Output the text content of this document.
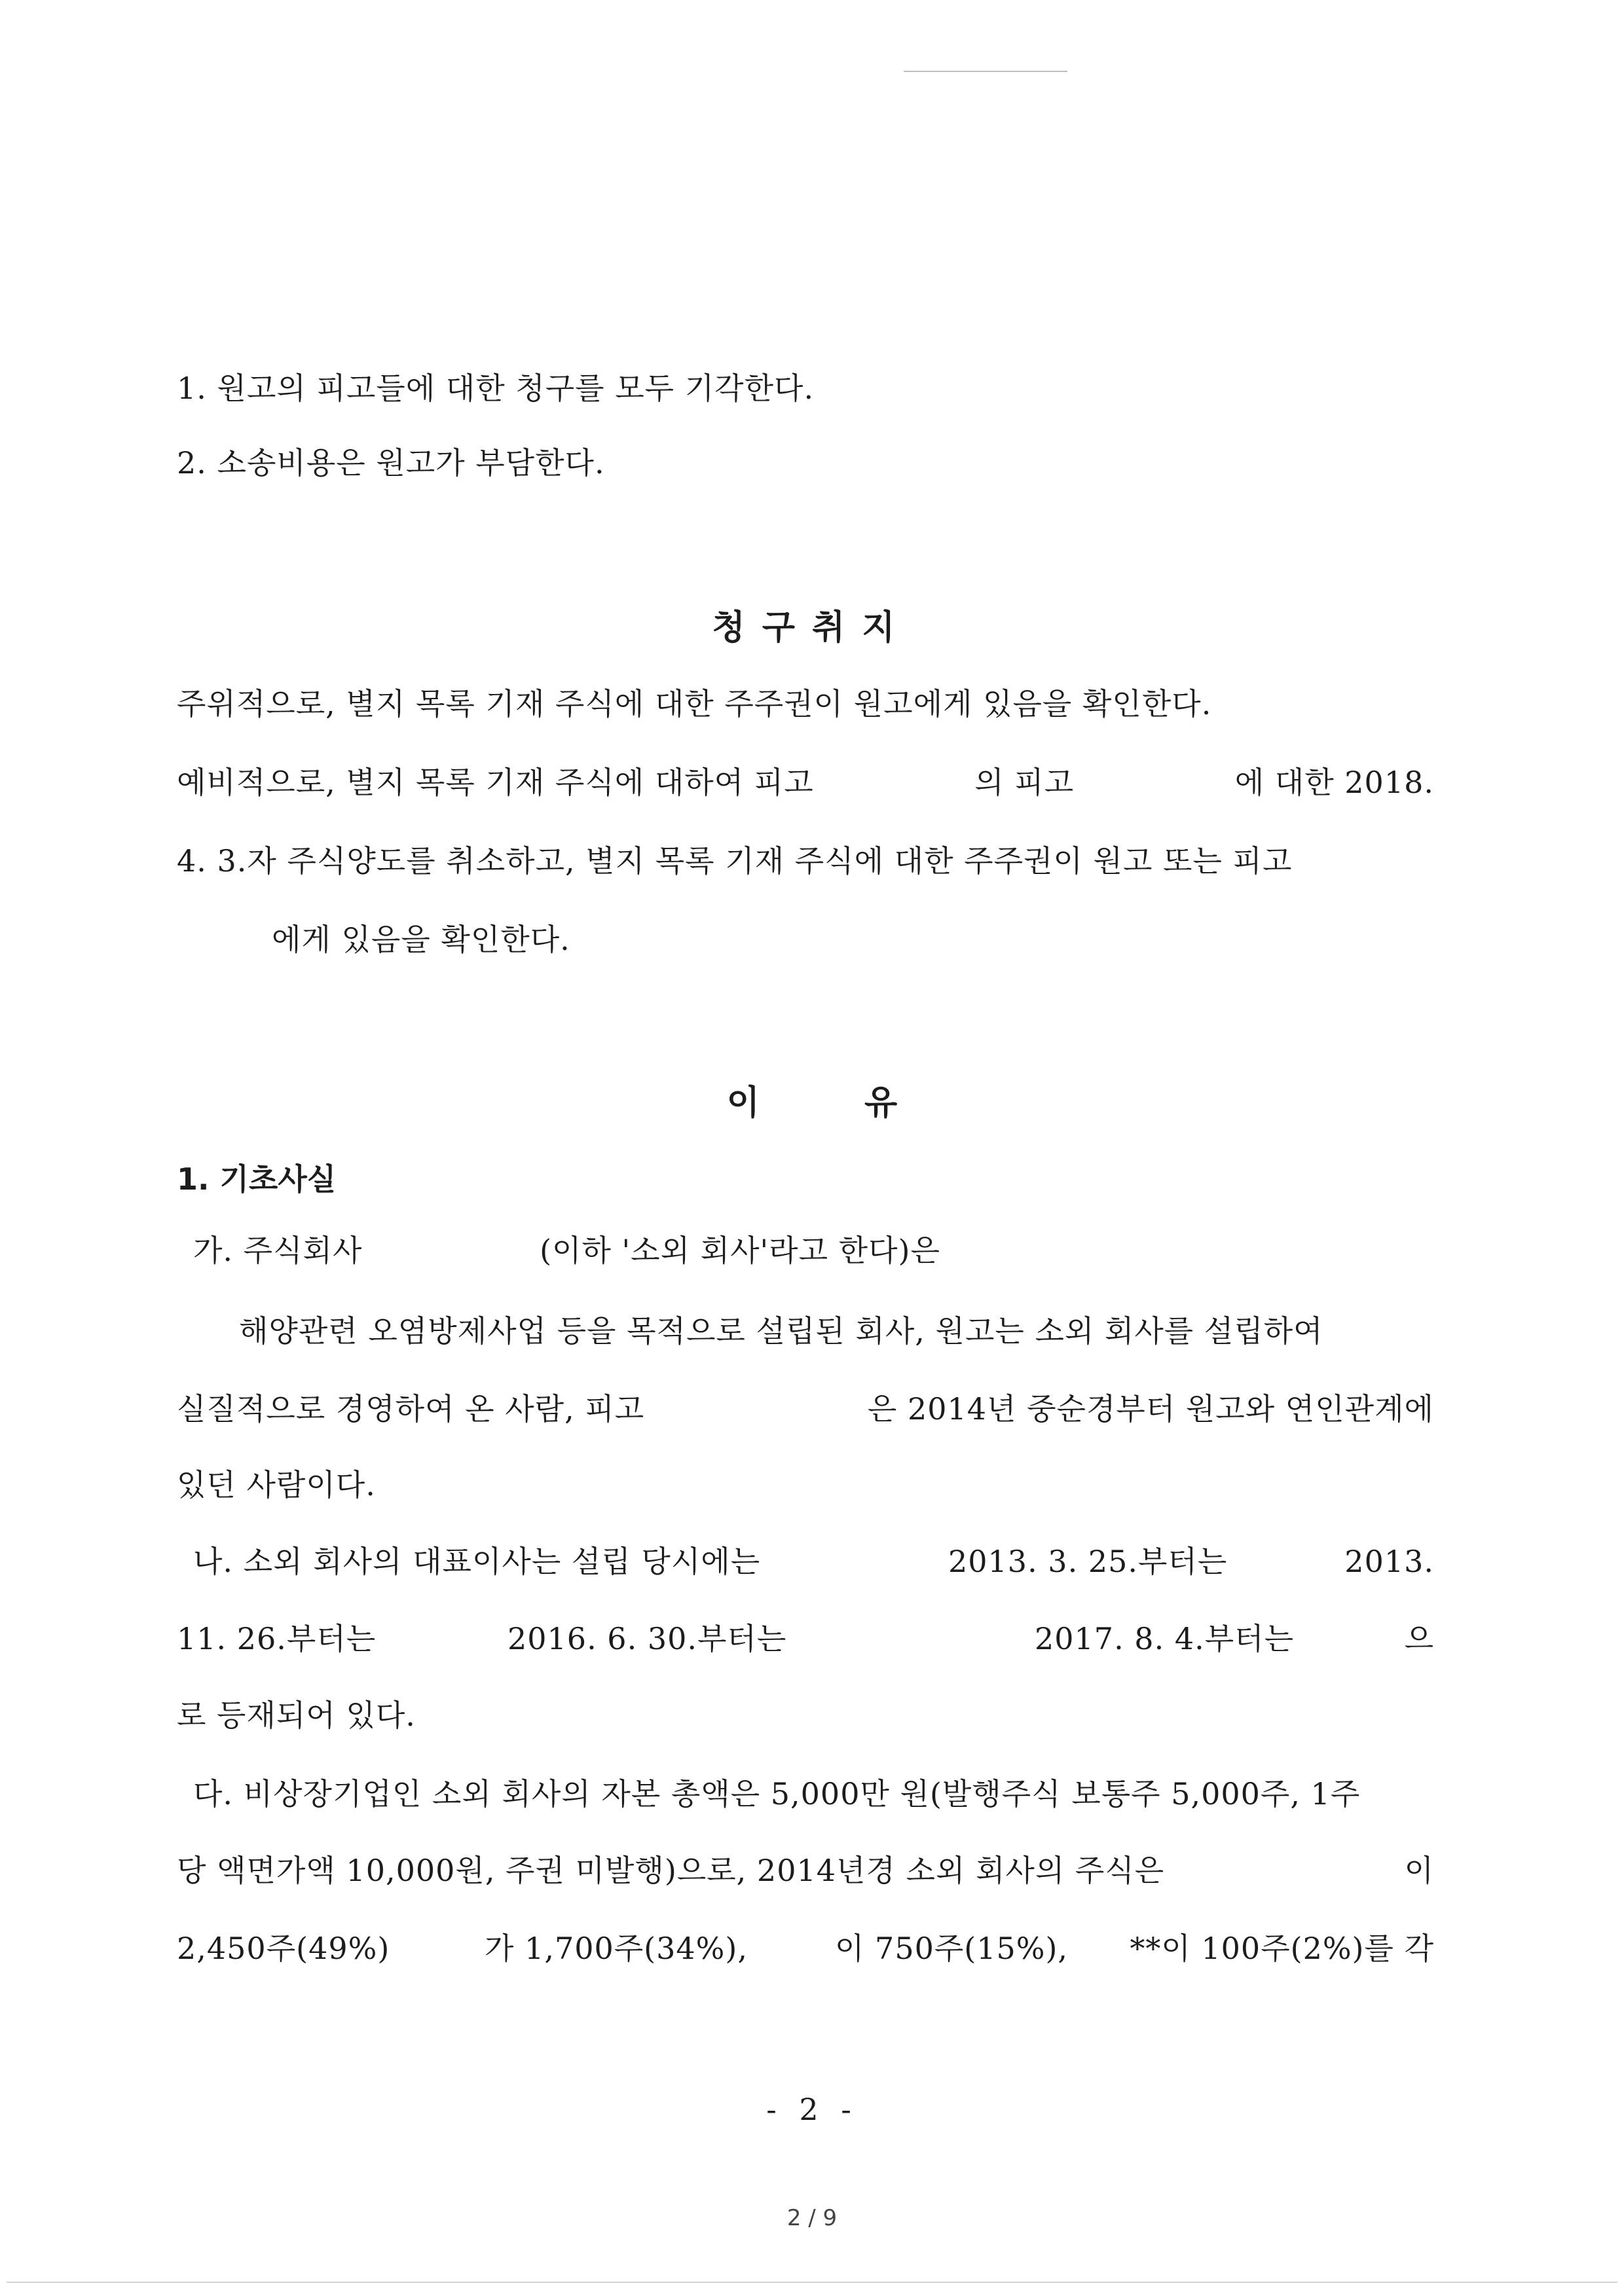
1. 원고의 피고들에 대한 청구를 모두 기각한다.
2. 소송비용은 원고가 부담한다.
청구취지
주위적으로, 별지 목록 기재 주식에 대한 주주권이 원고에게 있음을 확인한다.
예비적으로, 별지 목록 기재 주식에 대하여 피고	의 피고	에 대한 2018.
4. 3.자 주식양도를 취소하고, 별지 목록 기재 주식에 대한 주주권이 원고 또는 피고
에게 있음을 확인한다.
이유
1. 기초사실
가. 주식회사	(이하 '소외 회사'라고 한다)은
해양관련 오염방제사업 등을 목적으로 설립된 회사, 원고는 소외 회사를 설립하여
실질적으로 경영하여 온 사람, 피고	은 2014년 중순경부터 원고와 연인관계에
있던 사람이다.
나. 소외 회사의 대표이사는 설립 당시에는	2013. 3. 25.부터는	2013.
11. 26.부터는	2016. 6. 30.부터는	2017. 8. 4.부터는	으
로 등재되어 있다.
다. 비상장기업인 소외 회사의 자본 총액은 5,000만 원(발행주식 보통주 5,000주, 1주
당 액면가액 10,000원, 주권 미발행)으로, 2014년경 소외 회사의 주식은	이
2,450주(49%)	가 1,700주(34%),	이 750주(15%), **이 100주(2%)를 각
- 2 -
2 / 9
